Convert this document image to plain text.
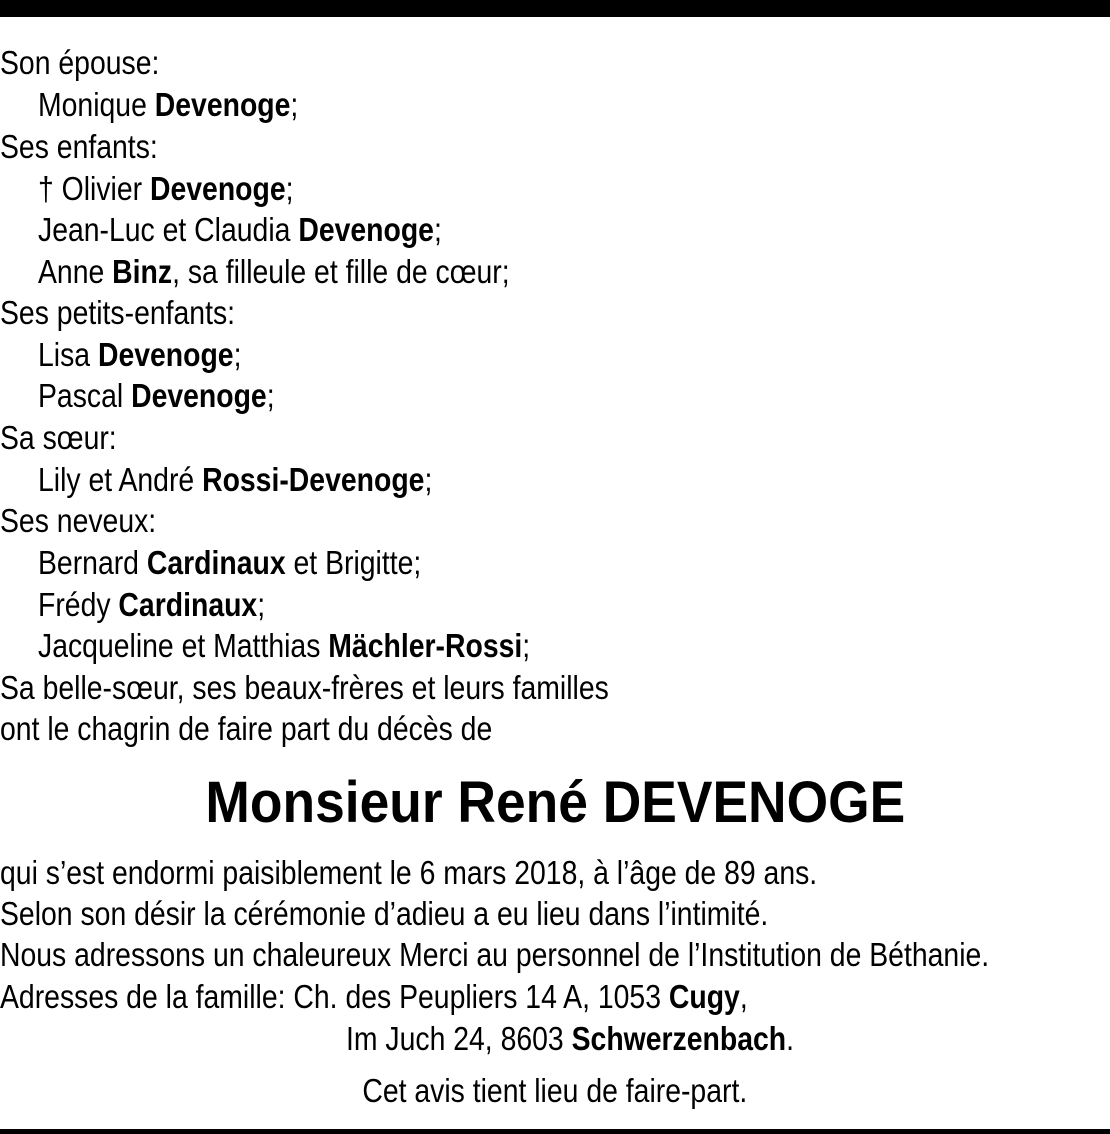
Son épouse:
Monique Devenoge;
Ses enfants:
† Olivier Devenoge;
Jean-Luc et Claudia Devenoge;
Anne Binz, sa filleule et fille de cœur;
Ses petits-enfants:
Lisa Devenoge;
Pascal Devenoge;
Sa sœur:
Lily et André Rossi-Devenoge;
Ses neveux:
Bernard Cardinaux et Brigitte;
Frédy Cardinaux;
Jacqueline et Matthias Mächler-Rossi;
Sa belle-sœur, ses beaux-frères et leurs familles
ont le chagrin de faire part du décès de
Monsieur René DEVENOGE
qui s’est endormi paisiblement le 6 mars 2018, à l’âge de 89 ans.
Selon son désir la cérémonie d’adieu a eu lieu dans l’intimité.
Nous adressons un chaleureux Merci au personnel de l’Institution de Béthanie.
Adresses de la famille: Ch. des Peupliers 14 A, 1053 Cugy,
Im Juch 24, 8603 Schwerzenbach.
Cet avis tient lieu de faire-part.
